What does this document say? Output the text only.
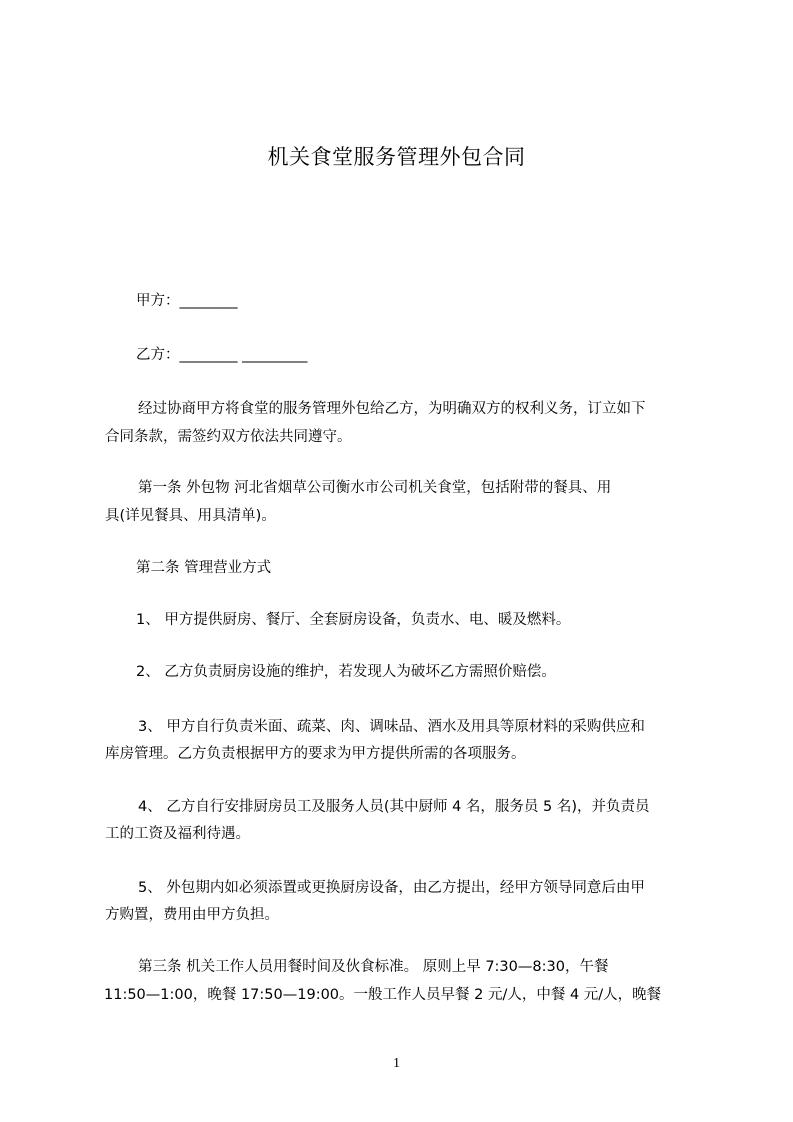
机关食堂服务管理外包合同
甲方：________
乙方：________ _________
经过协商甲方将食堂的服务管理外包给乙方，为明确双方的权利义务，订立如下
合同条款，需签约双方依法共同遵守。
第一条 外包物 河北省烟草公司衡水市公司机关食堂，包括附带的餐具、用
具(详见餐具、用具清单)。
第二条 管理营业方式
1、 甲方提供厨房、餐厅、全套厨房设备，负责水、电、暖及燃料。
2、 乙方负责厨房设施的维护，若发现人为破坏乙方需照价赔偿。
3、 甲方自行负责米面、疏菜、肉、调味品、酒水及用具等原材料的采购供应和
库房管理。乙方负责根据甲方的要求为甲方提供所需的各项服务。
4、 乙方自行安排厨房员工及服务人员(其中厨师 4 名，服务员 5 名)，并负责员
工的工资及福利待遇。
5、 外包期内如必须添置或更换厨房设备，由乙方提出，经甲方领导同意后由甲
方购置，费用由甲方负担。
第三条 机关工作人员用餐时间及伙食标准。 原则上早 7:30—8:30，午餐
11:50—1:00，晚餐 17:50—19:00。一般工作人员早餐 2 元/人，中餐 4 元/人，晚餐
1
